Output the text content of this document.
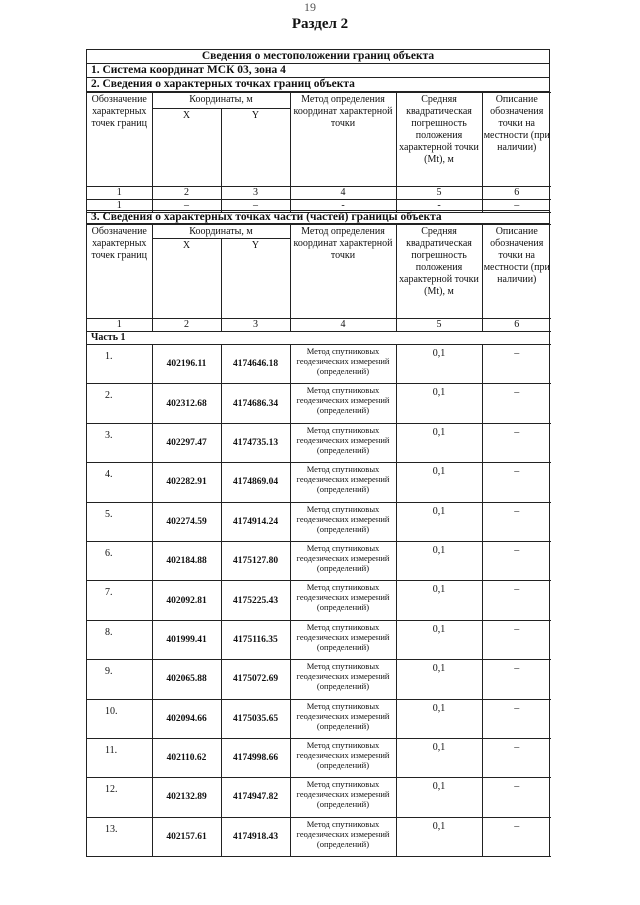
19
Раздел 2
Сведения о местоположении границ объекта
1. Система координат МСК 03, зона 4
2. Сведения о характерных точках границ объекта
Обозначение характерных точек границ	Координаты, м		Метод определения координат характерной точки	Средняя квадратическая погрешность положения характерной точки (Mt), м	Описание обозначения точки на местности (при наличии)
	X	Y			
1	2	3	4	5	6
1	–	–	-	-	–
3. Сведения о характерных точках части (частей) границы объекта
Обозначение характерных точек границ	Координаты, м		Метод определения координат характерной точки	Средняя квадратическая погрешность положения характерной точки (Mt), м	Описание обозначения точки на местности (при наличии)
	X	Y			
1	2	3	4	5	6
Часть 1					
1.	402196.11	4174646.18	Метод спутниковых геодезических измерений (определений)	0,1	–
2.	402312.68	4174686.34	Метод спутниковых геодезических измерений (определений)	0,1	–
3.	402297.47	4174735.13	Метод спутниковых геодезических измерений (определений)	0,1	–
4.	402282.91	4174869.04	Метод спутниковых геодезических измерений (определений)	0,1	–
5.	402274.59	4174914.24	Метод спутниковых геодезических измерений (определений)	0,1	–
6.	402184.88	4175127.80	Метод спутниковых геодезических измерений (определений)	0,1	–
7.	402092.81	4175225.43	Метод спутниковых геодезических измерений (определений)	0,1	–
8.	401999.41	4175116.35	Метод спутниковых геодезических измерений (определений)	0,1	–
9.	402065.88	4175072.69	Метод спутниковых геодезических измерений (определений)	0,1	–
10.	402094.66	4175035.65	Метод спутниковых геодезических измерений (определений)	0,1	–
11.	402110.62	4174998.66	Метод спутниковых геодезических измерений (определений)	0,1	–
12.	402132.89	4174947.82	Метод спутниковых геодезических измерений (определений)	0,1	–
13.	402157.61	4174918.43	Метод спутниковых геодезических измерений (определений)	0,1	–
